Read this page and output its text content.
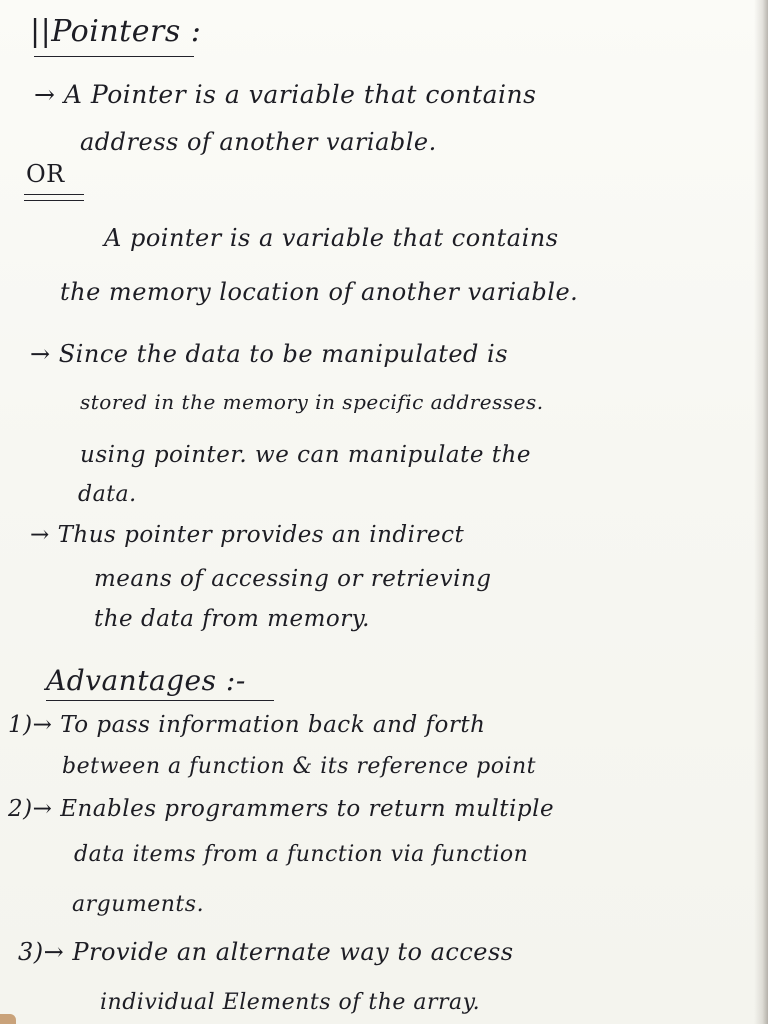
||Pointers :
→ A Pointer is a variable that contains
address of another variable.
OR
A pointer is a variable that contains
the memory location of another variable.
→ Since the data to be manipulated is
stored in the memory in specific addresses.
using pointer. we can manipulate the
data.
→ Thus pointer provides an indirect
means of accessing or retrieving
the data from memory.
Advantages :-
1)→ To pass information back and forth
between a function & its reference point
2)→ Enables programmers to return multiple
data items from a function via function
arguments.
3)→ Provide an alternate way to access
individual Elements of the array.
